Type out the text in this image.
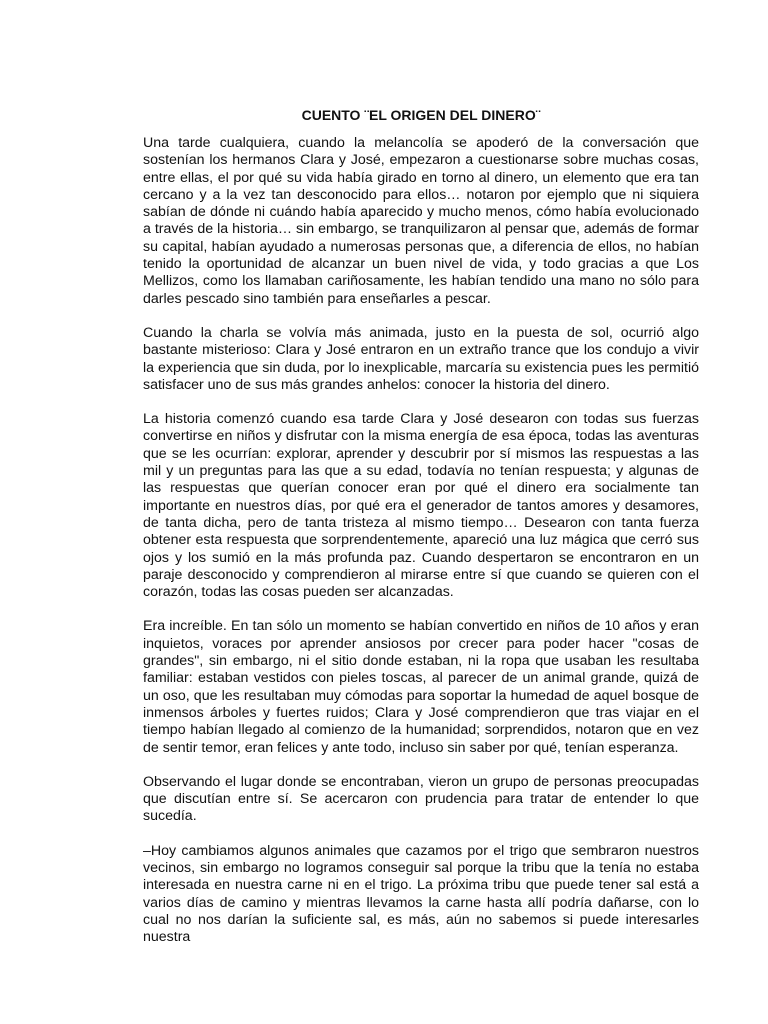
CUENTO ¨EL ORIGEN DEL DINERO¨

Una tarde cualquiera, cuando la melancolía se apoderó de la conversación que sostenían los hermanos Clara y José, empezaron a cuestionarse sobre muchas cosas, entre ellas, el por qué su vida había girado en torno al dinero, un elemento que era tan cercano y a la vez tan desconocido para ellos… notaron por ejemplo que ni siquiera sabían de dónde ni cuándo había aparecido y mucho menos, cómo había evolucionado a través de la historia… sin embargo, se tranquilizaron al pensar que, además de formar su capital, habían ayudado a numerosas personas que, a diferencia de ellos, no habían tenido la oportunidad de alcanzar un buen nivel de vida, y todo gracias a que Los Mellizos, como los llamaban cariñosamente, les habían tendido una mano no sólo para darles pescado sino también para enseñarles a pescar.

Cuando la charla se volvía más animada, justo en la puesta de sol, ocurrió algo bastante misterioso: Clara y José entraron en un extraño trance que los condujo a vivir la experiencia que sin duda, por lo inexplicable, marcaría su existencia pues les permitió satisfacer uno de sus más grandes anhelos: conocer la historia del dinero.

La historia comenzó cuando esa tarde Clara y José desearon con todas sus fuerzas convertirse en niños y disfrutar con la misma energía de esa época, todas las aventuras que se les ocurrían: explorar, aprender y descubrir por sí mismos las respuestas a las mil y un preguntas para las que a su edad, todavía no tenían respuesta; y algunas de las respuestas que querían conocer eran por qué el dinero era socialmente tan importante en nuestros días, por qué era el generador de tantos amores y desamores, de tanta dicha, pero de tanta tristeza al mismo tiempo… Desearon con tanta fuerza obtener esta respuesta que sorprendentemente, apareció una luz mágica que cerró sus ojos y los sumió en la más profunda paz. Cuando despertaron se encontraron en un paraje desconocido y comprendieron al mirarse entre sí que cuando se quieren con el corazón, todas las cosas pueden ser alcanzadas.

Era increíble. En tan sólo un momento se habían convertido en niños de 10 años y eran inquietos, voraces por aprender ansiosos por crecer para poder hacer "cosas de grandes", sin embargo, ni el sitio donde estaban, ni la ropa que usaban les resultaba familiar: estaban vestidos con pieles toscas, al parecer de un animal grande, quizá de un oso, que les resultaban muy cómodas para soportar la humedad de aquel bosque de inmensos árboles y fuertes ruidos; Clara y José comprendieron que tras viajar en el tiempo habían llegado al comienzo de la humanidad; sorprendidos, notaron que en vez de sentir temor, eran felices y ante todo, incluso sin saber por qué, tenían esperanza.

Observando el lugar donde se encontraban, vieron un grupo de personas preocupadas que discutían entre sí. Se acercaron con prudencia para tratar de entender lo que sucedía.

–Hoy cambiamos algunos animales que cazamos por el trigo que sembraron nuestros vecinos, sin embargo no logramos conseguir sal porque la tribu que la tenía no estaba interesada en nuestra carne ni en el trigo. La próxima tribu que puede tener sal está a varios días de camino y mientras llevamos la carne hasta allí podría dañarse, con lo cual no nos darían la suficiente sal, es más, aún no sabemos si puede interesarles nuestra
